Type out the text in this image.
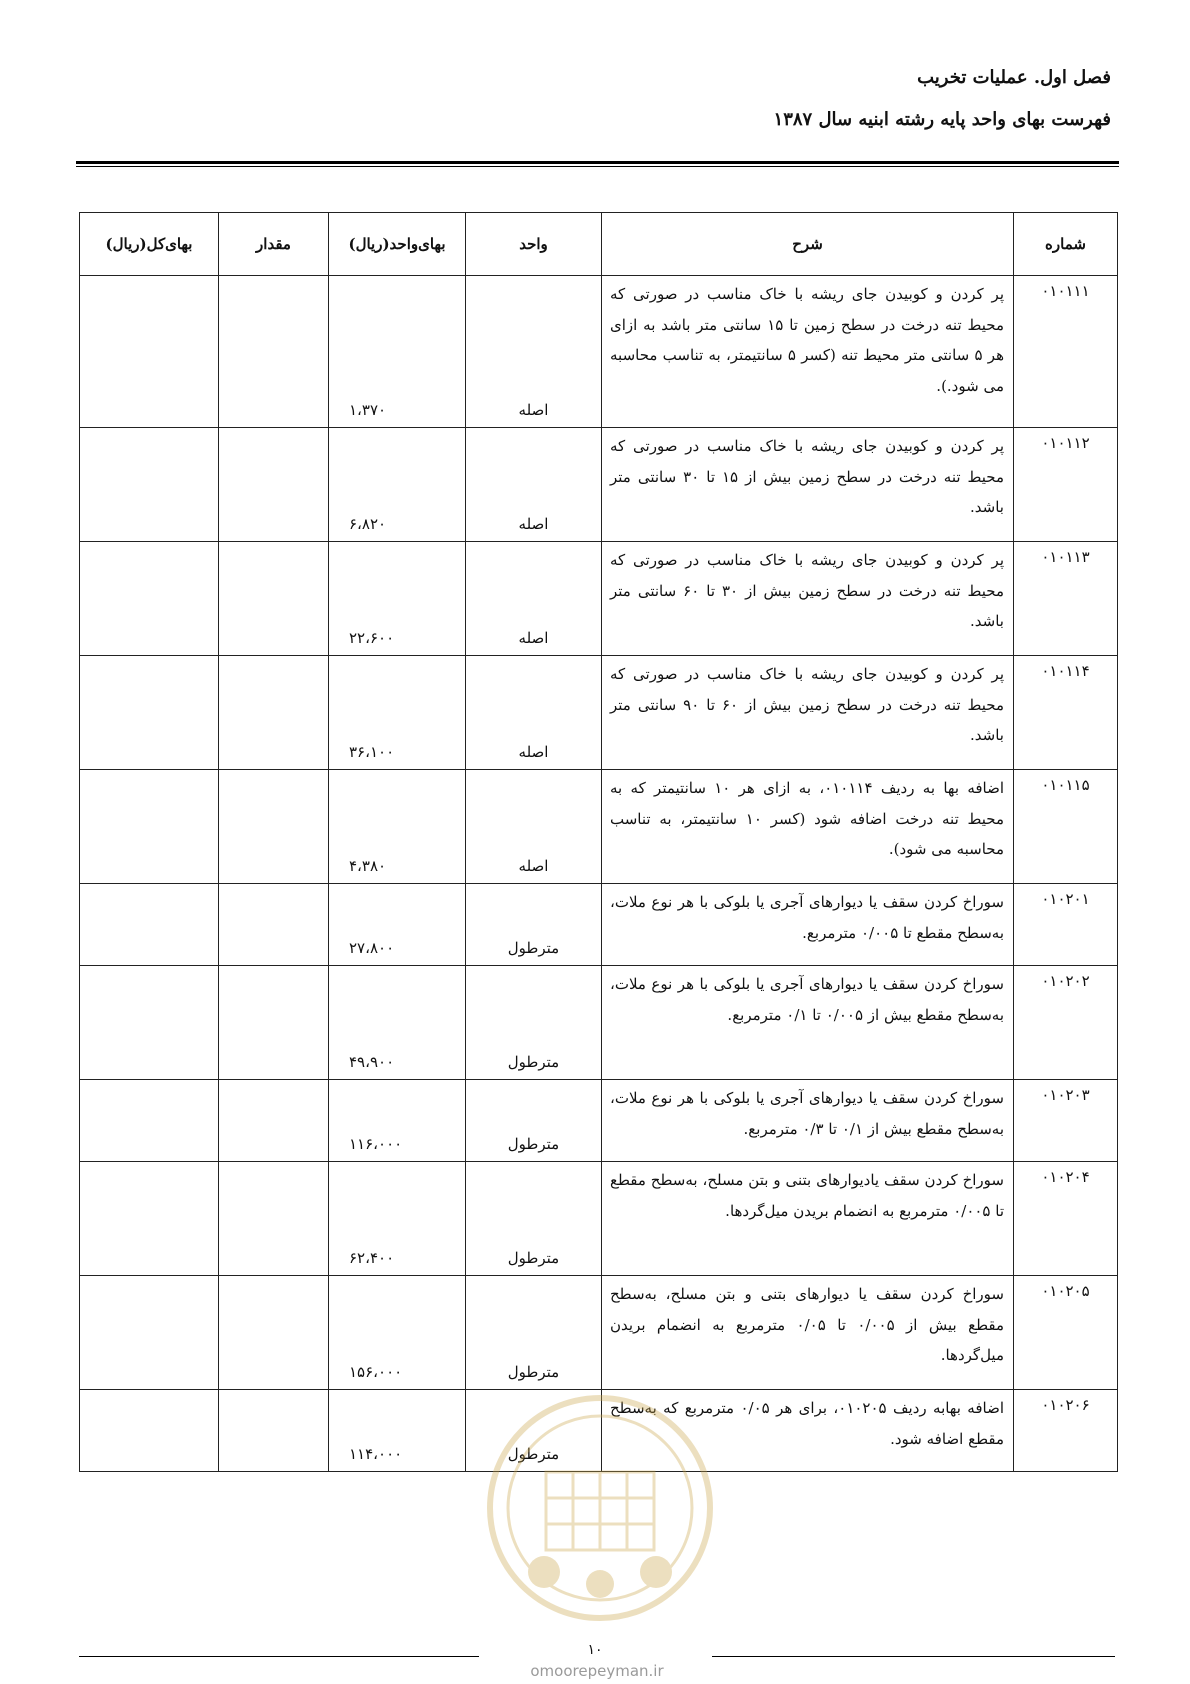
فصل اول. عملیات تخریب
فهرست بهای واحد پایه رشته ابنیه سال ۱۳۸۷
شماره	شرح	واحد	بهای‌واحد(ریال)	مقدار	بهای‌کل(ریال)
۰۱۰۱۱۱	پر کردن و کوبیدن جای ریشه با خاک مناسب در صورتی که محیط تنه درخت در سطح زمین تا ۱۵ سانتی متر باشد به ازای هر ۵ سانتی متر محیط تنه (کسر ۵ سانتیمتر، به تناسب محاسبه می شود.).	اصله	۱،۳۷۰		
۰۱۰۱۱۲	پر کردن و کوبیدن جای ریشه با خاک مناسب در صورتی که محیط تنه درخت در سطح زمین بیش از ۱۵ تا ۳۰ سانتی متر باشد.	اصله	۶،۸۲۰		
۰۱۰۱۱۳	پر کردن و کوبیدن جای ریشه با خاک مناسب در صورتی که محیط تنه درخت در سطح زمین بیش از ۳۰ تا ۶۰ سانتی متر باشد.	اصله	۲۲،۶۰۰		
۰۱۰۱۱۴	پر کردن و کوبیدن جای ریشه با خاک مناسب در صورتی که محیط تنه درخت در سطح زمین بیش از ۶۰ تا ۹۰ سانتی متر باشد.	اصله	۳۶،۱۰۰		
۰۱۰۱۱۵	اضافه بها به ردیف ۰۱۰۱۱۴، به ازای هر ۱۰ سانتیمتر که به محیط تنه درخت اضافه شود (کسر ۱۰ سانتیمتر، به تناسب محاسبه می شود).	اصله	۴،۳۸۰		
۰۱۰۲۰۱	سوراخ کردن سقف یا دیوارهای آجری یا بلوکی با هر نوع ملات، به‌سطح مقطع تا ۰/۰۰۵ مترمربع.	مترطول	۲۷،۸۰۰		
۰۱۰۲۰۲	سوراخ کردن سقف یا دیوارهای آجری یا بلوکی با هر نوع ملات، به‌سطح مقطع بیش از ۰/۰۰۵ تا ۰/۱ مترمربع.	مترطول	۴۹،۹۰۰		
۰۱۰۲۰۳	سوراخ کردن سقف یا دیوارهای آجری یا بلوکی با هر نوع ملات، به‌سطح مقطع بیش از ۰/۱ تا ۰/۳ مترمربع.	مترطول	۱۱۶،۰۰۰		
۰۱۰۲۰۴	سوراخ کردن سقف یادیوارهای بتنی و بتن مسلح، به‌سطح مقطع تا ۰/۰۰۵ مترمربع به انضمام بریدن میل‌گردها.	مترطول	۶۲،۴۰۰		
۰۱۰۲۰۵	سوراخ کردن سقف یا دیوارهای بتنی و بتن مسلح، به‌سطح مقطع بیش از ۰/۰۰۵ تا ۰/۰۵ مترمربع به انضمام بریدن میل‌گردها.	مترطول	۱۵۶،۰۰۰		
۰۱۰۲۰۶	اضافه بهابه ردیف ۰۱۰۲۰۵، برای هر ۰/۰۵ مترمربع که به‌سطح مقطع اضافه شود.	مترطول	۱۱۴،۰۰۰		
۱۰
omoorepeyman.ir
